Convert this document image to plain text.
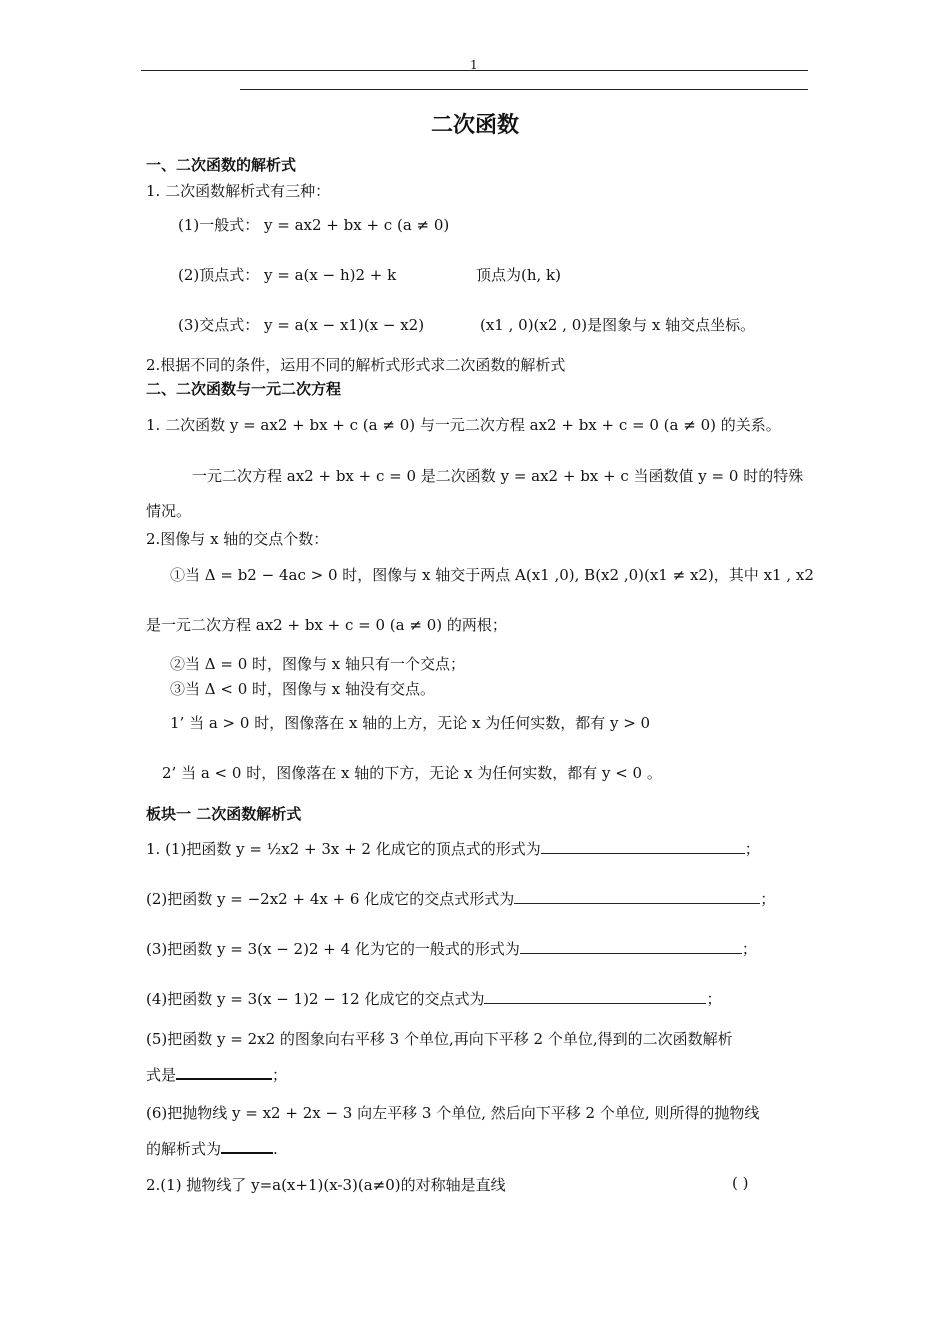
1
二次函数
一、二次函数的解析式
1. 二次函数解析式有三种：
(1)一般式： y = ax2 + bx + c (a ≠ 0)
(2)顶点式： y = a(x − h)2 + k	顶点为(h, k)
(3)交点式： y = a(x − x1)(x − x2)	(x1 , 0)(x2 , 0)是图象与 x 轴交点坐标。
2.根据不同的条件，运用不同的解析式形式求二次函数的解析式
二、二次函数与一元二次方程
1. 二次函数 y = ax2 + bx + c (a ≠ 0) 与一元二次方程 ax2 + bx + c = 0 (a ≠ 0) 的关系。
一元二次方程 ax2 + bx + c = 0 是二次函数 y = ax2 + bx + c 当函数值 y = 0 时的特殊
情况。
2.图像与 x 轴的交点个数：
①当 Δ = b2 − 4ac > 0 时，图像与 x 轴交于两点 A(x1 ,0), B(x2 ,0)(x1 ≠ x2)，其中 x1 , x2
是一元二次方程 ax2 + bx + c = 0 (a ≠ 0) 的两根；
②当 Δ = 0 时，图像与 x 轴只有一个交点；
③当 Δ < 0 时，图像与 x 轴没有交点。
1’ 当 a > 0 时，图像落在 x 轴的上方，无论 x 为任何实数，都有 y > 0
2’ 当 a < 0 时，图像落在 x 轴的下方，无论 x 为任何实数，都有 y < 0 。
板块一 二次函数解析式
1. (1)把函数 y = ½x2 + 3x + 2 化成它的顶点式的形式为	；
(2)把函数 y = −2x2 + 4x + 6 化成它的交点式形式为	；
(3)把函数 y = 3(x − 2)2 + 4 化为它的一般式的形式为	；
(4)把函数 y = 3(x − 1)2 − 12 化成它的交点式为	；
(5)把函数 y = 2x2 的图象向右平移 3 个单位,再向下平移 2 个单位,得到的二次函数解析
式是	；
(6)把抛物线 y = x2 + 2x − 3 向左平移 3 个单位, 然后向下平移 2 个单位, 则所得的抛物线
的解析式为	.
2.(1) 抛物线了 y=a(x+1)(x-3)(a≠0)的对称轴是直线	( )
